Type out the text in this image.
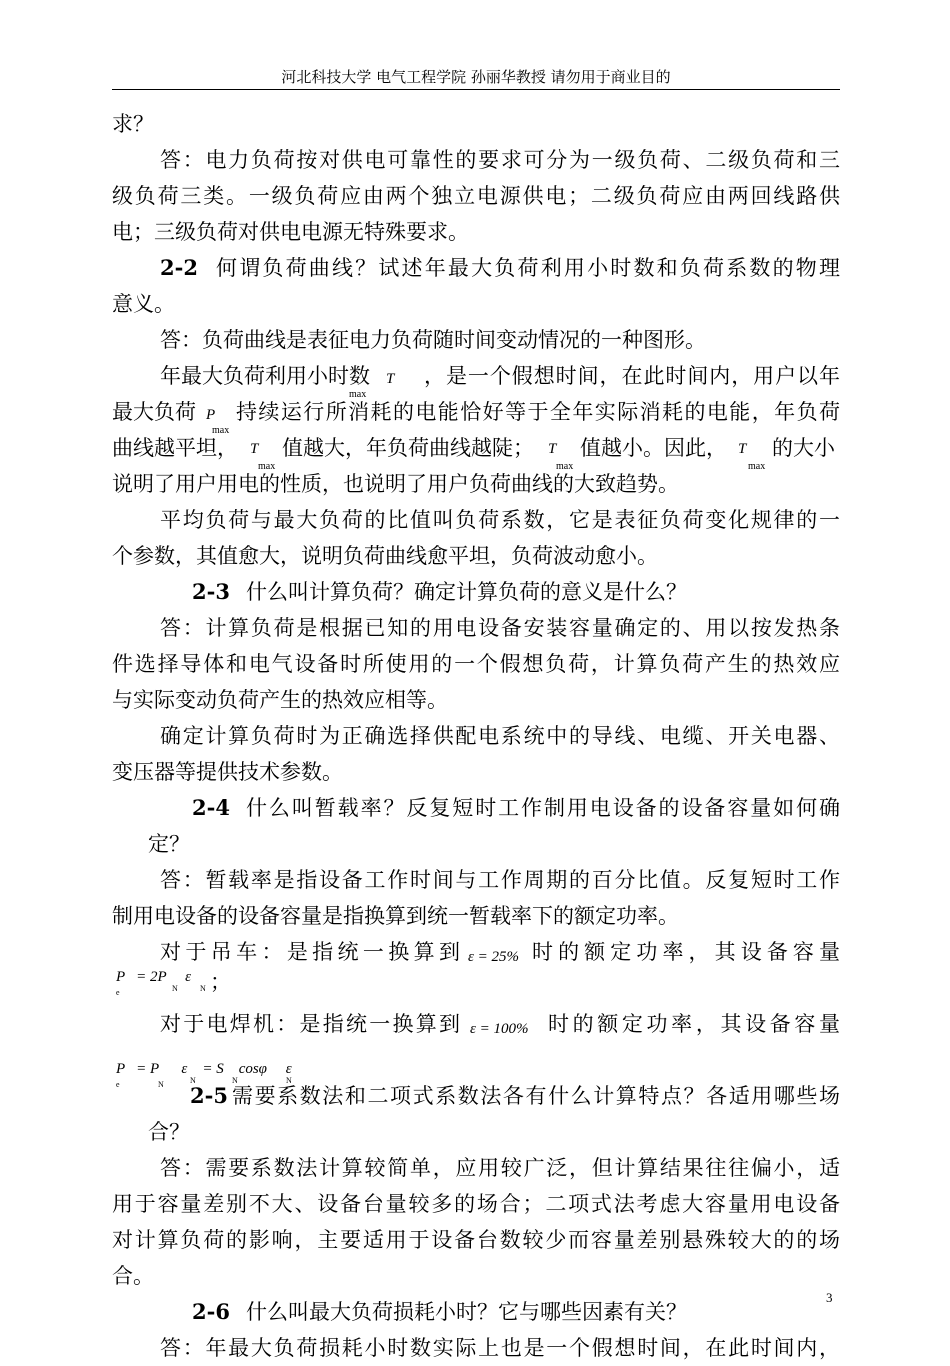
河北科技大学 电气工程学院 孙丽华教授 请勿用于商业目的
求？
答：电力负荷按对供电可靠性的要求可分为一级负荷、二级负荷和三
级负荷三类。一级负荷应由两个独立电源供电；二级负荷应由两回线路供
电；三级负荷对供电电源无特殊要求。
2-2 何谓负荷曲线？试述年最大负荷利用小时数和负荷系数的物理
意义。
答：负荷曲线是表征电力负荷随时间变动情况的一种图形。
年最大负荷利用小时数	T ，是一个假想时间，在此时间内，用户以年
最大负荷
max
P 持续运行所消耗的电能恰好等于全年实际消耗的电能，年负荷
曲线越平坦，
max
T 值越大，年负荷曲线越陡； T 值越小。因此， T 的大小
max
说明了用户用电的性质，也说明了用户负荷曲线的大致趋势。
max	max
平均负荷与最大负荷的比值叫负荷系数，它是表征负荷变化规律的一
个参数，其值愈大，说明负荷曲线愈平坦，负荷波动愈小。
2-3 什么叫计算负荷？确定计算负荷的意义是什么？
答：计算负荷是根据已知的用电设备安装容量确定的、用以按发热条
件选择导体和电气设备时所使用的一个假想负荷，计算负荷产生的热效应
与实际变动负荷产生的热效应相等。
确定计算负荷时为正确选择供配电系统中的导线、电缆、开关电器、
变压器等提供技术参数。
2-4 什么叫暂载率？反复短时工作制用电设备的设备容量如何确
定？
答：暂载率是指设备工作时间与工作周期的百分比值。反复短时工作
制用电设备的设备容量是指换算到统一暂载率下的额定功率。
对于吊车：是指统一换算到 ε = 25% 时的额定功率，其设备容量
P   = 2P     ε
e	N	N ；
对于电焊机：是指统一换算到 ε = 100% 时的额定功率，其设备容量
P   = P      ε    = S    cosφ     ε
e	N	N	N	N
2-5 需要系数法和二项式系数法各有什么计算特点？各适用哪些场
合？
答：需要系数法计算较简单，应用较广泛，但计算结果往往偏小，适
用于容量差别不大、设备台量较多的场合；二项式法考虑大容量用电设备
对计算负荷的影响，主要适用于设备台数较少而容量差别悬殊较大的的场
合。
2-6 什么叫最大负荷损耗小时？它与哪些因素有关？
答：年最大负荷损耗小时数实际上也是一个假想时间，在此时间内，
3
